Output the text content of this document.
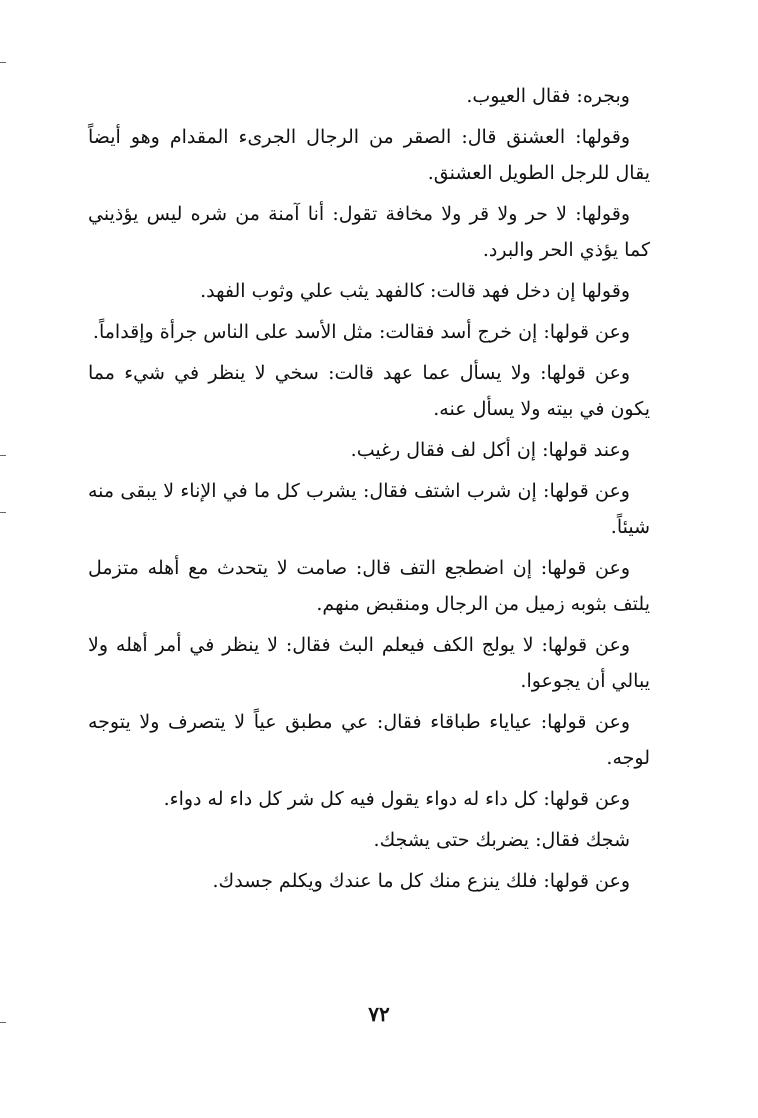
وبجره: فقال العيوب.

وقولها: العشنق قال: الصقر من الرجال الجرىء المقدام وهو أيضاً يقال للرجل الطويل العشنق.

وقولها: لا حر ولا قر ولا مخافة تقول: أنا آمنة من شره ليس يؤذيني كما يؤذي الحر والبرد.

وقولها إن دخل فهد قالت: كالفهد يثب علي وثوب الفهد.

وعن قولها: إن خرج أسد فقالت: مثل الأسد على الناس جرأة وإقداماً.

وعن قولها: ولا يسأل عما عهد قالت: سخي لا ينظر في شيء مما يكون في بيته ولا يسأل عنه.

وعند قولها: إن أكل لف فقال رغيب.

وعن قولها: إن شرب اشتف فقال: يشرب كل ما في الإناء لا يبقى منه شيئاً.

وعن قولها: إن اضطجع التف قال: صامت لا يتحدث مع أهله متزمل يلتف بثوبه زميل من الرجال ومنقبض منهم.

وعن قولها: لا يولج الكف فيعلم البث فقال: لا ينظر في أمر أهله ولا يبالي أن يجوعوا.

وعن قولها: عياياء طباقاء فقال: عي مطبق عياً لا يتصرف ولا يتوجه لوجه.

وعن قولها: كل داء له دواء يقول فيه كل شر كل داء له دواء.

شجك فقال: يضربك حتى يشجك.

وعن قولها: فلك ينزع منك كل ما عندك ويكلم جسدك.

٧٢
